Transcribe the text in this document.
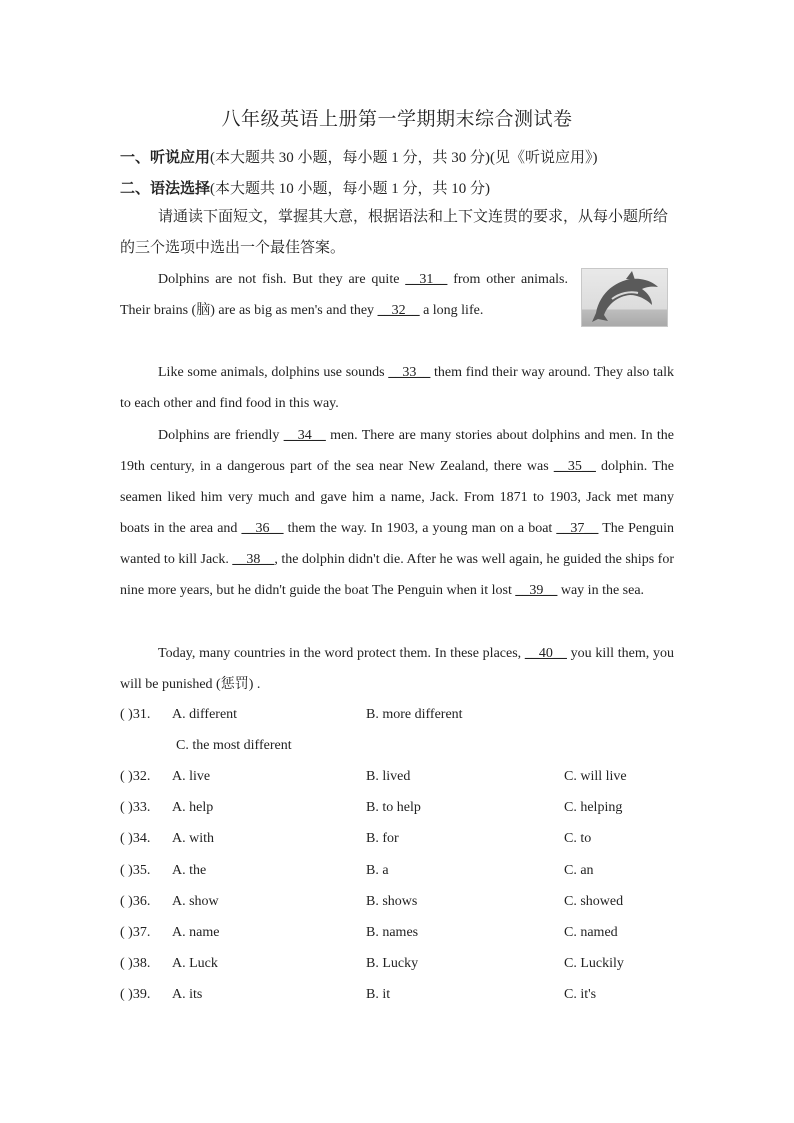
八年级英语上册第一学期期末综合测试卷
一、听说应用(本大题共 30 小题，每小题 1 分，共 30 分)(见《听说应用》)
二、语法选择(本大题共 10 小题，每小题 1 分，共 10 分)
请通读下面短文，掌握其大意，根据语法和上下文连贯的要求，从每小题所给的三个选项中选出一个最佳答案。
Dolphins are not fish. But they are quite __31__ from other animals. Their brains (脑) are as big as men's and they __32__ a long life.
Like some animals, dolphins use sounds __33__ them find their way around. They also talk to each other and find food in this way.
Dolphins are friendly __34__ men. There are many stories about dolphins and men. In the 19th century, in a dangerous part of the sea near New Zealand, there was __35__ dolphin. The seamen liked him very much and gave him a name, Jack. From 1871 to 1903, Jack met many boats in the area and __36__ them the way. In 1903, a young man on a boat __37__ The Penguin wanted to kill Jack. __38__, the dolphin didn't die. After he was well again, he guided the ships for nine more years, but he didn't guide the boat The Penguin when it lost __39__ way in the sea.
Today, many countries in the word protect them. In these places, __40__ you kill them, you will be punished (惩罚) .
( )31. A. different	B. more different
C. the most different
( )32. A. live	B. lived	C. will live
( )33. A. help	B. to help	C. helping
( )34. A. with	B. for	C. to
( )35. A. the	B. a	C. an
( )36. A. show	B. shows	C. showed
( )37. A. name	B. names	C. named
( )38. A. Luck	B. Lucky	C. Luckily
( )39. A. its	B. it	C. it's
